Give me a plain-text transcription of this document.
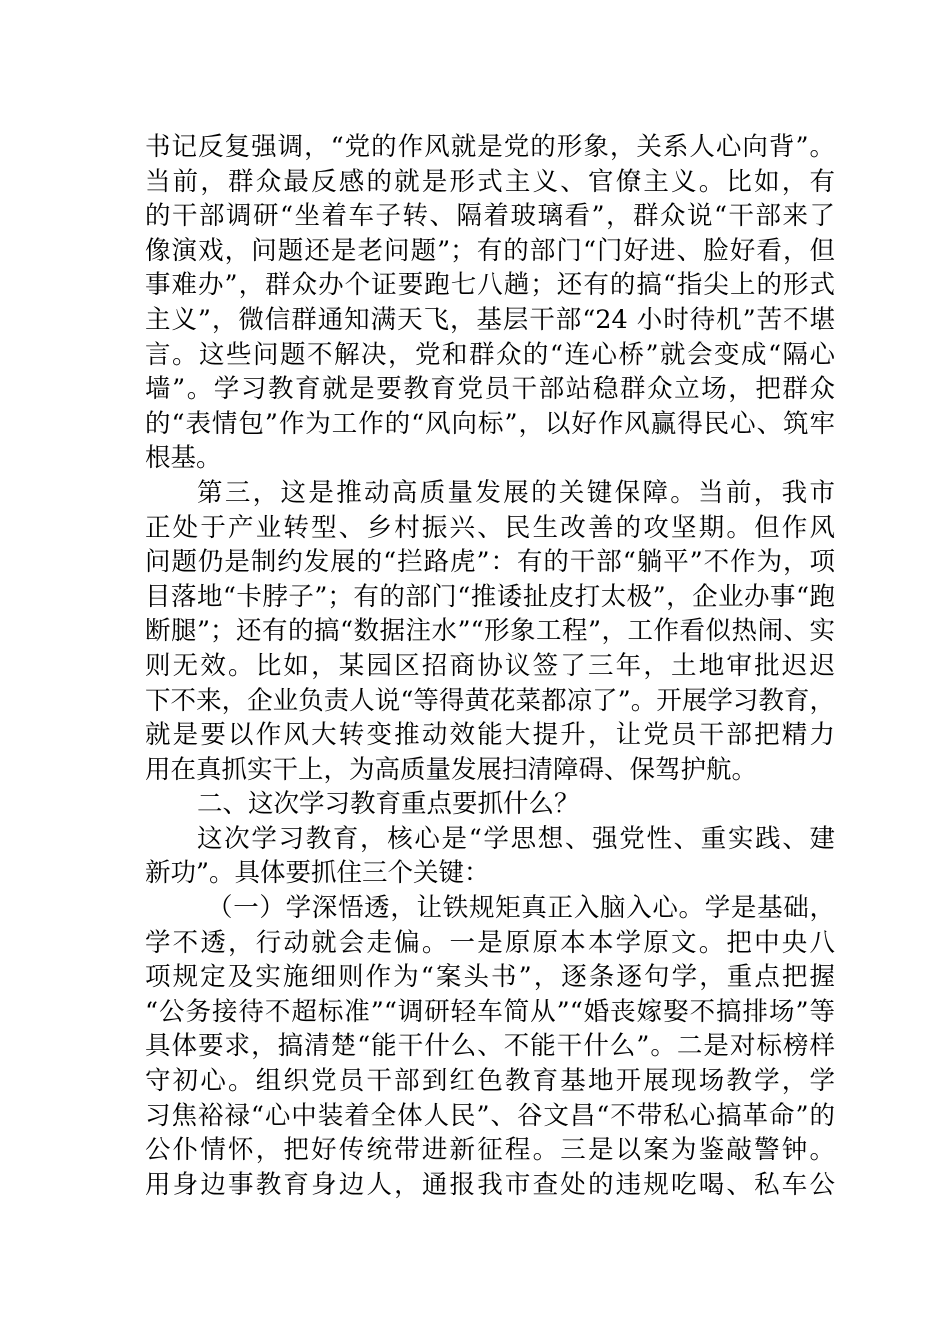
书记反复强调，“党的作风就是党的形象，关系人心向背”。
当前，群众最反感的就是形式主义、官僚主义。比如，有
的干部调研“坐着车子转、隔着玻璃看”，群众说“干部来了
像演戏，问题还是老问题”；有的部门“门好进、脸好看，但
事难办”，群众办个证要跑七八趟；还有的搞“指尖上的形式
主义”，微信群通知满天飞，基层干部“24 小时待机”苦不堪
言。这些问题不解决，党和群众的“连心桥”就会变成“隔心
墙”。学习教育就是要教育党员干部站稳群众立场，把群众
的“表情包”作为工作的“风向标”，以好作风赢得民心、筑牢
根基。
第三，这是推动高质量发展的关键保障。当前，我市
正处于产业转型、乡村振兴、民生改善的攻坚期。但作风
问题仍是制约发展的“拦路虎”：有的干部“躺平”不作为，项
目落地“卡脖子”；有的部门“推诿扯皮打太极”，企业办事“跑
断腿”；还有的搞“数据注水”“形象工程”，工作看似热闹、实
则无效。比如，某园区招商协议签了三年，土地审批迟迟
下不来，企业负责人说“等得黄花菜都凉了”。开展学习教育，
就是要以作风大转变推动效能大提升，让党员干部把精力
用在真抓实干上，为高质量发展扫清障碍、保驾护航。
二、这次学习教育重点要抓什么？
这次学习教育，核心是“学思想、强党性、重实践、建
新功”。具体要抓住三个关键：
（一）学深悟透，让铁规矩真正入脑入心。学是基础，
学不透，行动就会走偏。一是原原本本学原文。把中央八
项规定及实施细则作为“案头书”，逐条逐句学，重点把握
“公务接待不超标准”“调研轻车简从”“婚丧嫁娶不搞排场”等
具体要求，搞清楚“能干什么、不能干什么”。二是对标榜样
守初心。组织党员干部到红色教育基地开展现场教学，学
习焦裕禄“心中装着全体人民”、谷文昌“不带私心搞革命”的
公仆情怀，把好传统带进新征程。三是以案为鉴敲警钟。
用身边事教育身边人，通报我市查处的违规吃喝、私车公
